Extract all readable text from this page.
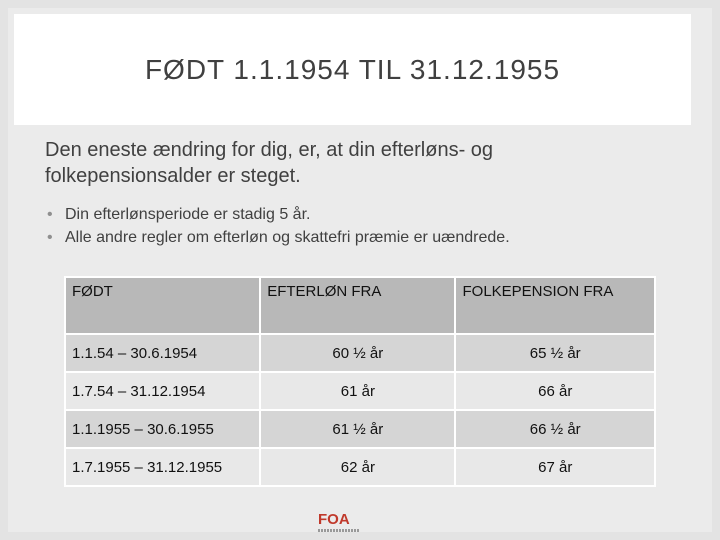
FØDT 1.1.1954 TIL 31.12.1955

Den eneste ændring for dig, er, at din efterløns- og folkepensionsalder er steget.

• Din efterlønsperiode er stadig 5 år.
• Alle andre regler om efterløn og skattefri præmie er uændrede.
FØDT	EFTERLØN FRA	FOLKEPENSION FRA
1.1.54 – 30.6.1954	60 ½ år	65 ½ år
1.7.54 – 31.12.1954	61 år	66 år
1.1.1955 – 30.6.1955	61 ½ år	66 ½ år
1.7.1955 – 31.12.1955	62 år	67 år
FOA
